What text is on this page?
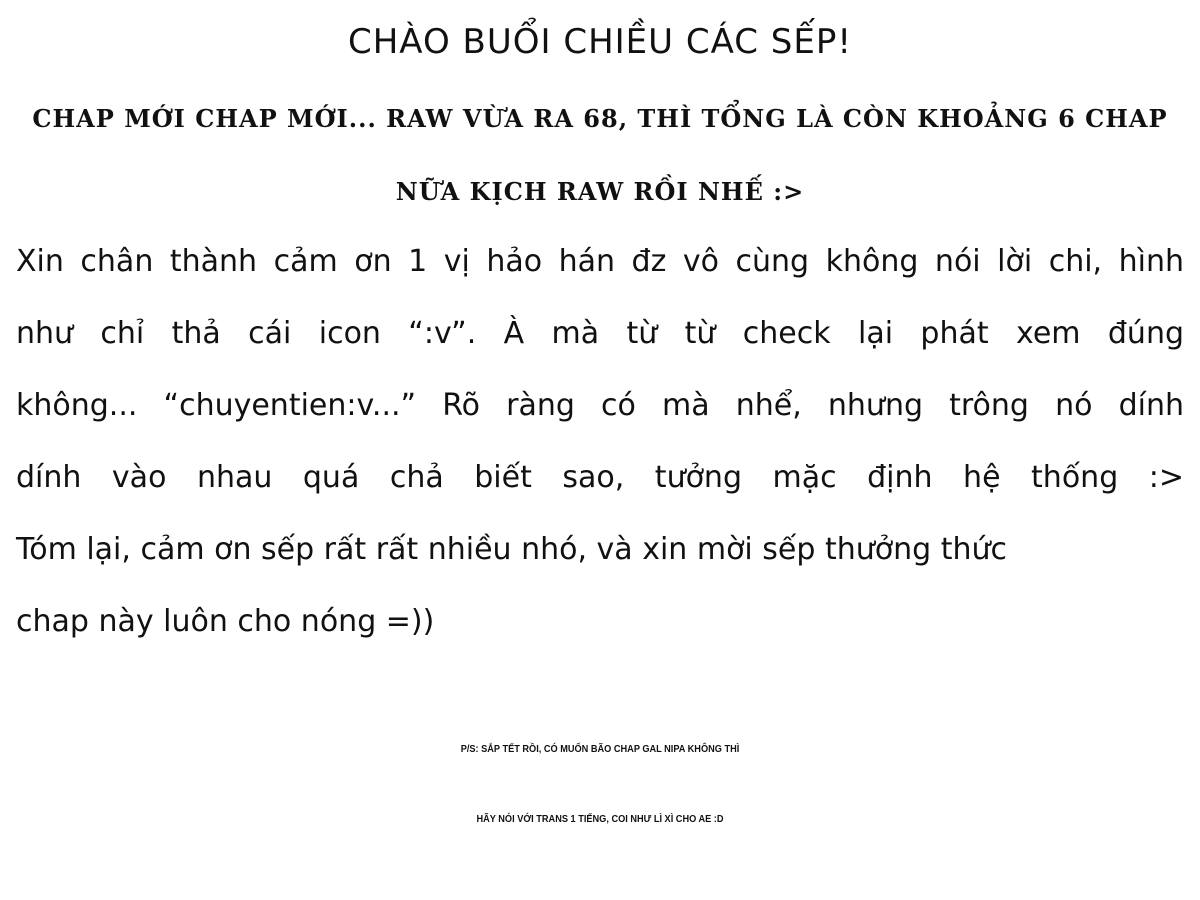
CHÀO BUỔI CHIỀU CÁC SẾP!
CHAP MỚI CHAP MỚI... RAW VỪA RA 68, THÌ TỔNG LÀ CÒN KHOẢNG 6 CHAP
NỮA KỊCH RAW RỒI NHẾ :>
Xin chân thành cảm ơn 1 vị hảo hán đz vô cùng không nói lời chi, hình
như chỉ thả cái icon “:v”. À mà từ từ check lại phát xem đúng
không... “chuyentien:v...” Rõ ràng có mà nhể, nhưng trông nó dính
dính vào nhau quá chả biết sao, tưởng mặc định hệ thống :>
Tóm lại, cảm ơn sếp rất rất nhiều nhó, và xin mời sếp thưởng thức
chap này luôn cho nóng =))
P/S: SẮP TẾT RỒI, CÓ MUỐN BÃO CHAP GAL NIPA KHÔNG THÌ
HÃY NÓI VỚI TRANS 1 TIẾNG, COI NHƯ LÌ XÌ CHO AE :D
